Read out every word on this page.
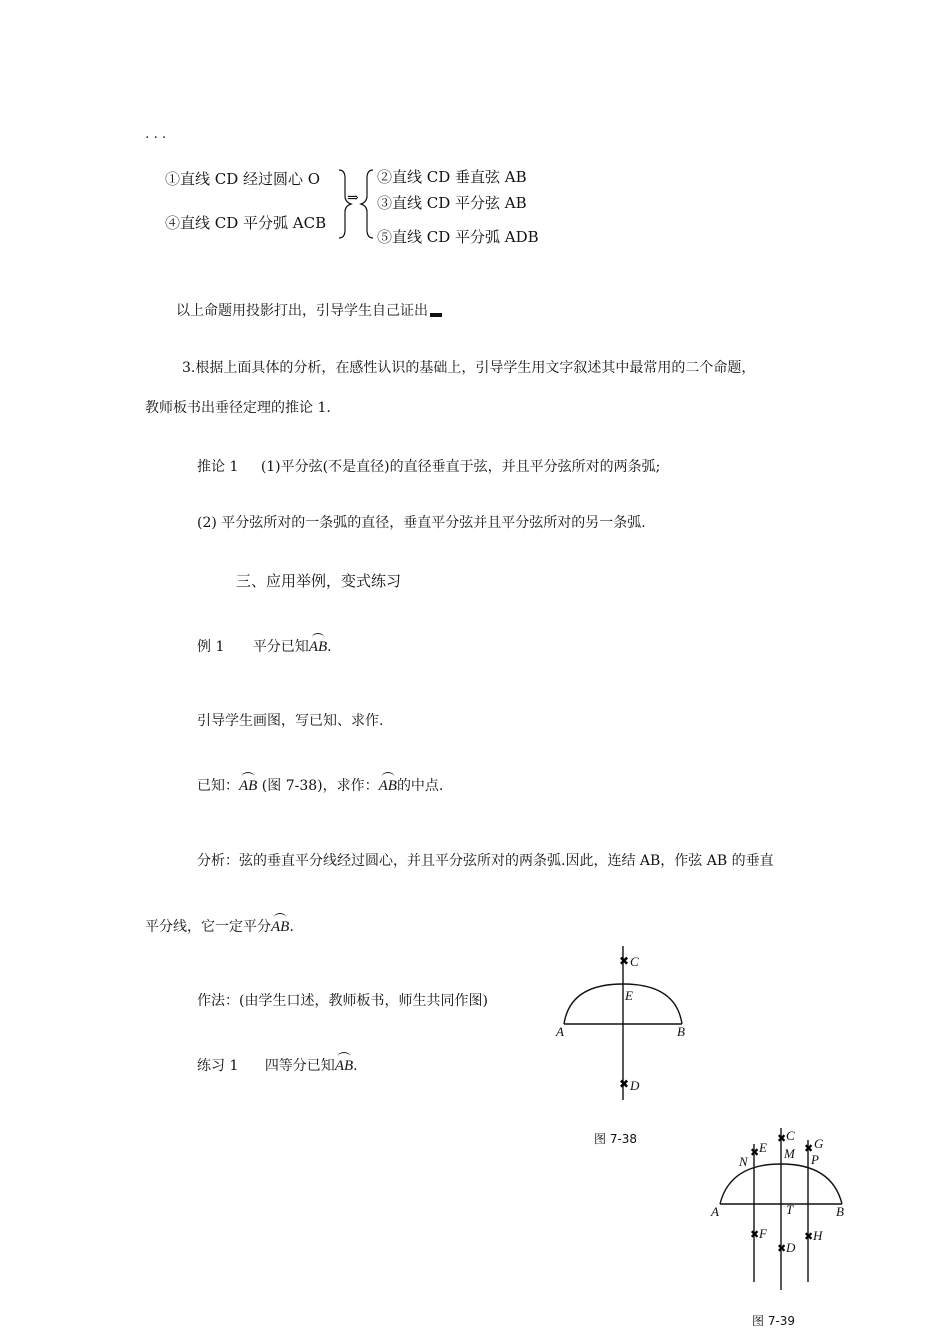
...
①直线 CD 经过圆心 O
④直线 CD 平分弧 ACB
⇒
②直线 CD 垂直弦 AB
③直线 CD 平分弦 AB
⑤直线 CD 平分弧 ADB
以上命题用投影打出，引导学生自己证出
3.根据上面具体的分析，在感性认识的基础上，引导学生用文字叙述其中最常用的二个命题，
教师板书出垂径定理的推论 1.
推论 1 (1)平分弦(不是直径)的直径垂直于弦，并且平分弦所对的两条弧;
(2) 平分弦所对的一条弧的直径，垂直平分弦并且平分弦所对的另一条弧.
三、应用举例，变式练习
例 1 平分已知AB.
引导学生画图，写已知、求作.
已知：AB (图 7-38)，求作：AB的中点.
分析：弦的垂直平分线经过圆心，并且平分弦所对的两条弧.因此，连结 AB，作弦 AB 的垂直
平分线，它一定平分AB.
作法：(由学生口述，教师板书，师生共同作图)
练习 1 四等分已知AB.
✖
✖
C
E
A	B
D
图 7-38
✖
✖
✖
✖
✖
✖
E
C
G
N
M P
A	T	B
F	H
D
图 7-39
